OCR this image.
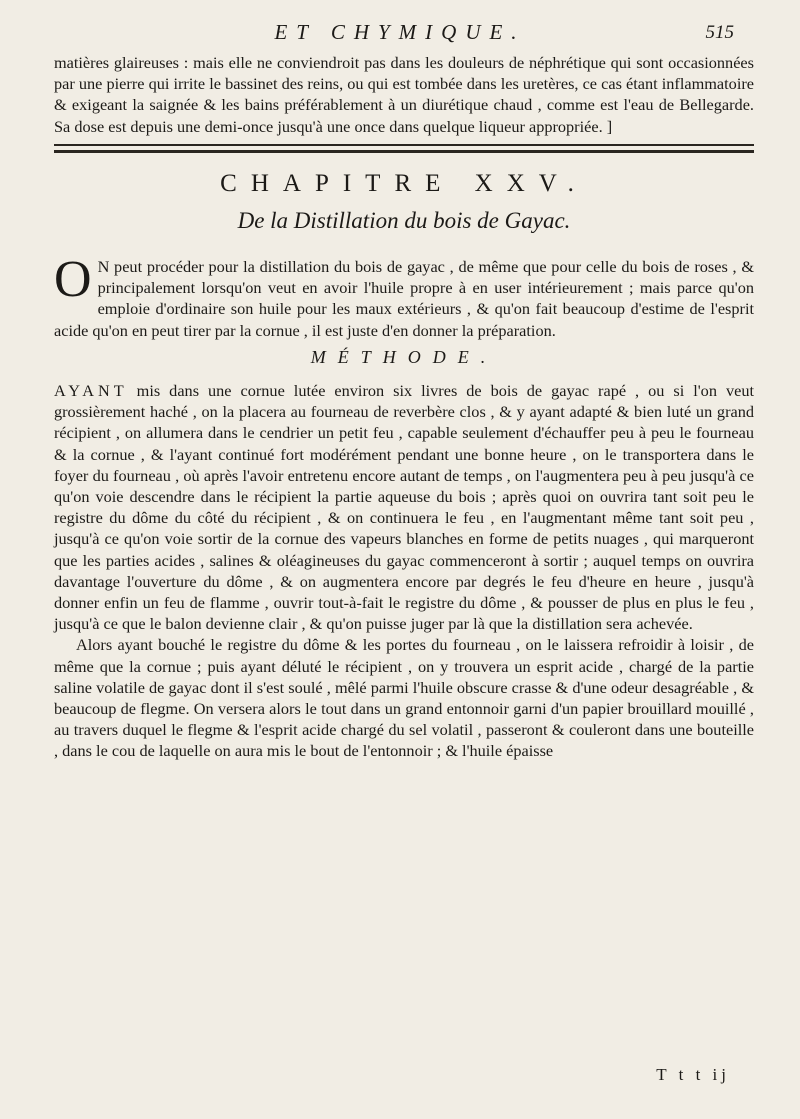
ET CHYMIQUE.	515

matières glaireuses : mais elle ne conviendroit pas dans les douleurs de néphrétique qui sont occasionnées par une pierre qui irrite le bassinet des reins, ou qui est tombée dans les uretères, ce cas étant inflammatoire & exigeant la saignée & les bains préférablement à un diurétique chaud , comme est l'eau de Bellegarde. Sa dose est depuis une demi-once jusqu'à une once dans quelque liqueur appropriée. ]

CHAPITRE XXV.
De la Distillation du bois de Gayac.

O N peut procéder pour la distillation du bois de gayac , de même que pour celle du bois de roses , & principalement lorsqu'on veut en avoir l'huile propre à en user intérieurement ; mais parce qu'on emploie d'ordinaire son huile pour les maux extérieurs , & qu'on fait beaucoup d'estime de l'esprit acide qu'on en peut tirer par la cornue , il est juste d'en donner la préparation.

MÉTHODE.

AYANT mis dans une cornue lutée environ six livres de bois de gayac rapé , ou si l'on veut grossièrement haché , on la placera au fourneau de reverbère clos , & y ayant adapté & bien luté un grand récipient , on allumera dans le cendrier un petit feu , capable seulement d'échauffer peu à peu le fourneau & la cornue , & l'ayant continué fort modérément pendant une bonne heure , on le transportera dans le foyer du fourneau , où après l'avoir entretenu encore autant de temps , on l'augmentera peu à peu jusqu'à ce qu'on voie descendre dans le récipient la partie aqueuse du bois ; après quoi on ouvrira tant soit peu le registre du dôme du côté du récipient , & on continuera le feu , en l'augmentant même tant soit peu , jusqu'à ce qu'on voie sortir de la cornue des vapeurs blanches en forme de petits nuages , qui marqueront que les parties acides , salines & oléagineuses du gayac commenceront à sortir ; auquel temps on ouvrira davantage l'ouverture du dôme , & on augmentera encore par degrés le feu d'heure en heure , jusqu'à donner enfin un feu de flamme , ouvrir tout-à-fait le registre du dôme , & pousser de plus en plus le feu , jusqu'à ce que le balon devienne clair , & qu'on puisse juger par là que la distillation sera achevée.

Alors ayant bouché le registre du dôme & les portes du fourneau , on le laissera refroidir à loisir , de même que la cornue ; puis ayant déluté le récipient , on y trouvera un esprit acide , chargé de la partie saline volatile de gayac dont il s'est soulé , mêlé parmi l'huile obscure crasse & d'une odeur desagréable , & beaucoup de flegme. On versera alors le tout dans un grand entonnoir garni d'un papier brouillard mouillé , au travers duquel le flegme & l'esprit acide chargé du sel volatil , passeront & couleront dans une bouteille , dans le cou de laquelle on aura mis le bout de l'entonnoir ; & l'huile épaisse

T t t ij
